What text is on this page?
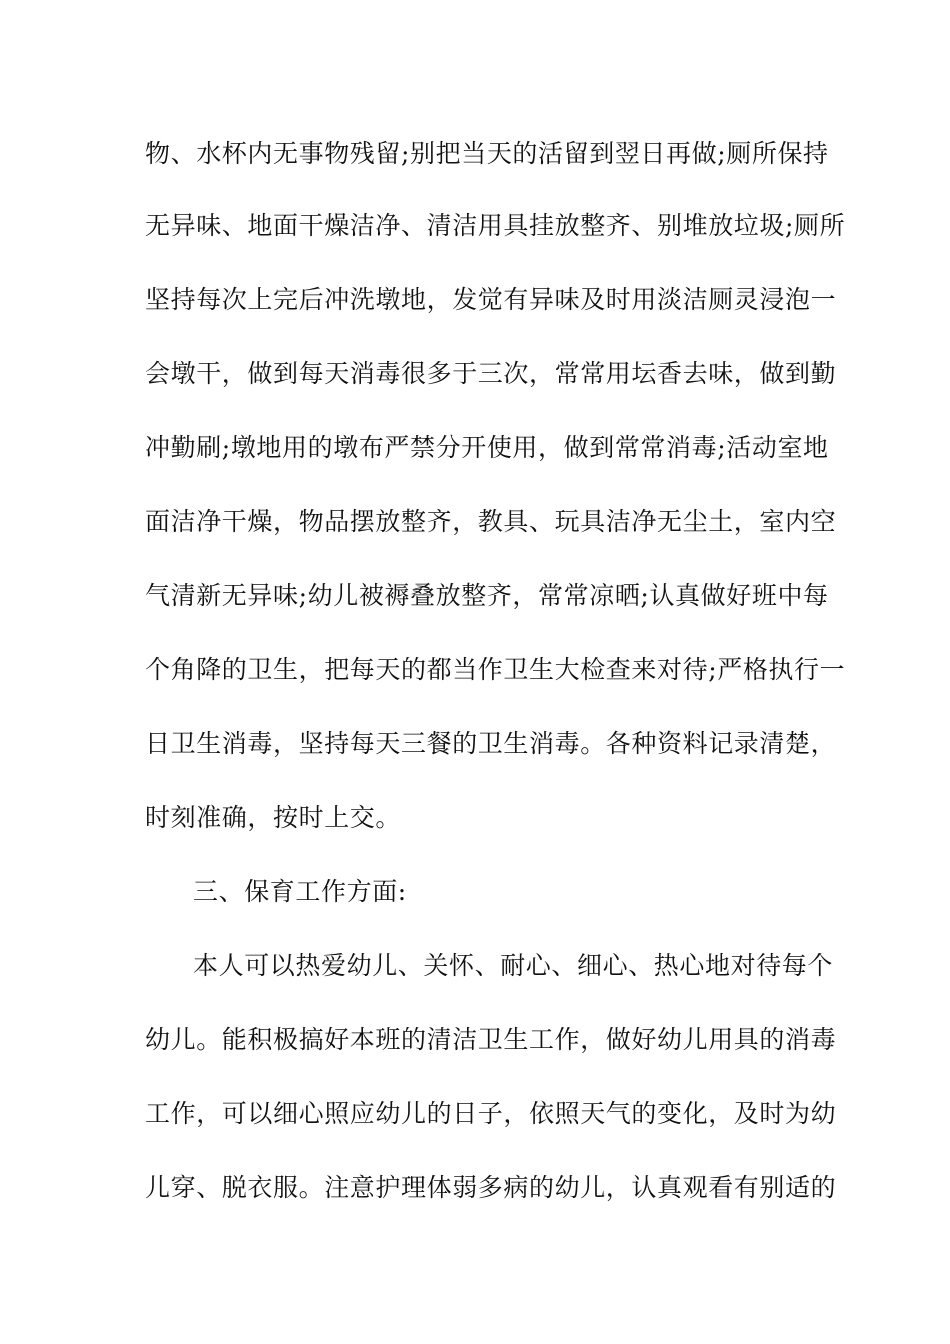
物、水杯内无事物残留;别把当天的活留到翌日再做;厕所保持
无异味、地面干燥洁净、清洁用具挂放整齐、别堆放垃圾;厕所
坚持每次上完后冲洗墩地，发觉有异味及时用淡洁厕灵浸泡一
会墩干，做到每天消毒很多于三次，常常用坛香去味，做到勤
冲勤刷;墩地用的墩布严禁分开使用，做到常常消毒;活动室地
面洁净干燥，物品摆放整齐，教具、玩具洁净无尘土，室内空
气清新无异味;幼儿被褥叠放整齐，常常凉晒;认真做好班中每
个角降的卫生，把每天的都当作卫生大检查来对待;严格执行一
日卫生消毒，坚持每天三餐的卫生消毒。各种资料记录清楚，
时刻准确，按时上交。
三、保育工作方面:
本人可以热爱幼儿、关怀、耐心、细心、热心地对待每个
幼儿。能积极搞好本班的清洁卫生工作，做好幼儿用具的消毒
工作，可以细心照应幼儿的日子，依照天气的变化，及时为幼
儿穿、脱衣服。注意护理体弱多病的幼儿，认真观看有别适的
